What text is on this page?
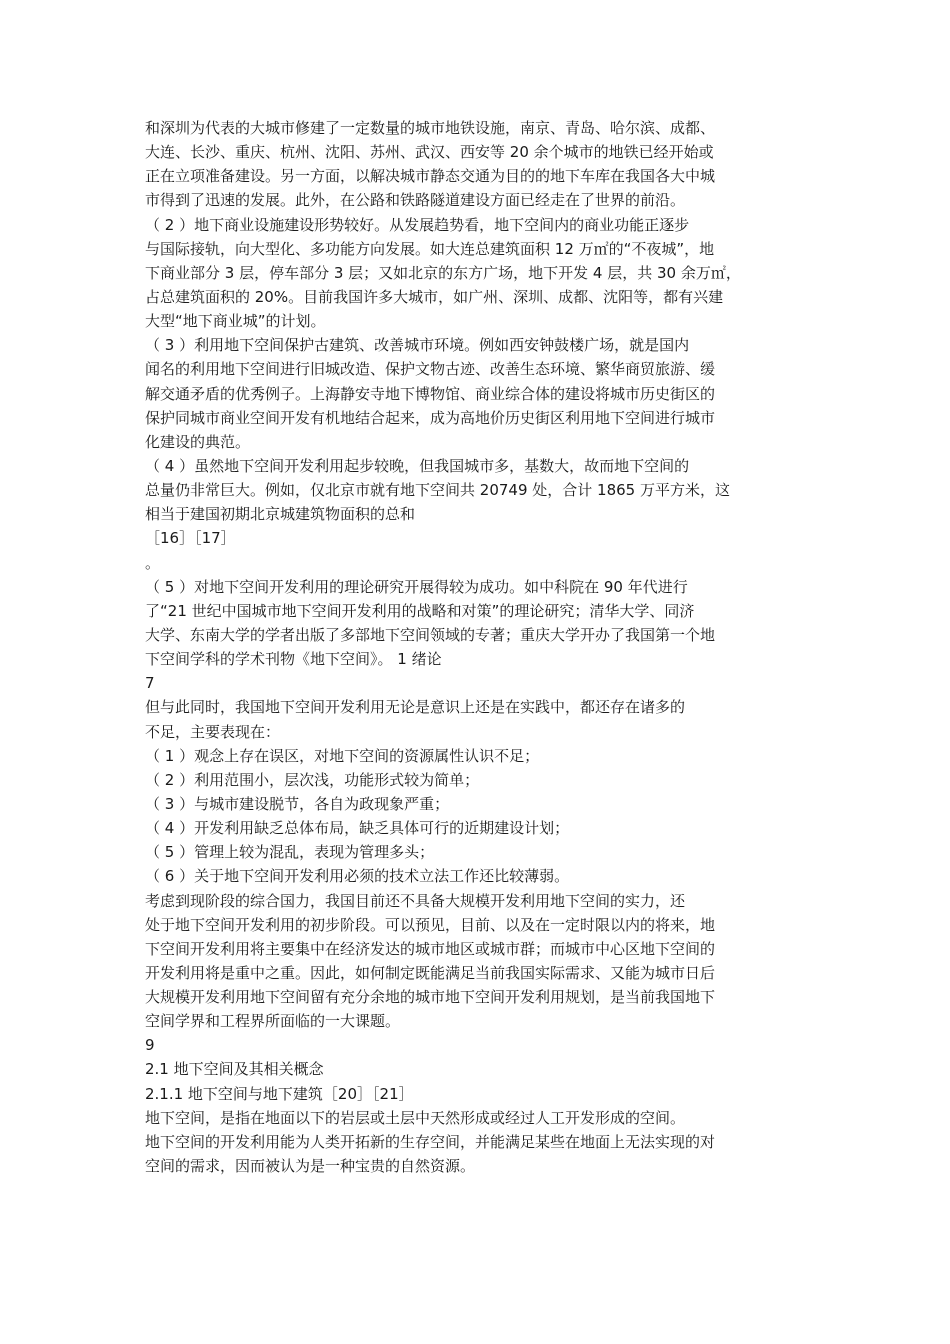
和深圳为代表的大城市修建了一定数量的城市地铁设施，南京、青岛、哈尔滨、成都、
大连、长沙、重庆、杭州、沈阳、苏州、武汉、西安等 20 余个城市的地铁已经开始或
正在立项准备建设。另一方面，以解决城市静态交通为目的的地下车库在我国各大中城
市得到了迅速的发展。此外，在公路和铁路隧道建设方面已经走在了世界的前沿。
（ 2 ）地下商业设施建设形势较好。从发展趋势看，地下空间内的商业功能正逐步
与国际接轨，向大型化、多功能方向发展。如大连总建筑面积 12 万㎡的“不夜城”，地
下商业部分 3 层，停车部分 3 层；又如北京的东方广场，地下开发 4 层，共 30 余万㎡，
占总建筑面积的 20%。目前我国许多大城市，如广州、深圳、成都、沈阳等，都有兴建
大型“地下商业城”的计划。
（ 3 ）利用地下空间保护古建筑、改善城市环境。例如西安钟鼓楼广场，就是国内
闻名的利用地下空间进行旧城改造、保护文物古迹、改善生态环境、繁华商贸旅游、缓
解交通矛盾的优秀例子。上海静安寺地下博物馆、商业综合体的建设将城市历史街区的
保护同城市商业空间开发有机地结合起来，成为高地价历史街区利用地下空间进行城市
化建设的典范。
（ 4 ）虽然地下空间开发利用起步较晚，但我国城市多，基数大，故而地下空间的
总量仍非常巨大。例如，仅北京市就有地下空间共 20749 处，合计 1865 万平方米，这
相当于建国初期北京城建筑物面积的总和
［16］［17］
。
（ 5 ）对地下空间开发利用的理论研究开展得较为成功。如中科院在 90 年代进行
了“21 世纪中国城市地下空间开发利用的战略和对策”的理论研究；清华大学、同济
大学、东南大学的学者出版了多部地下空间领域的专著；重庆大学开办了我国第一个地
下空间学科的学术刊物《地下空间》。 1 绪论
7
但与此同时，我国地下空间开发利用无论是意识上还是在实践中，都还存在诸多的
不足，主要表现在：
（ 1 ）观念上存在误区，对地下空间的资源属性认识不足；
（ 2 ）利用范围小，层次浅，功能形式较为简单；
（ 3 ）与城市建设脱节，各自为政现象严重；
（ 4 ）开发利用缺乏总体布局，缺乏具体可行的近期建设计划；
（ 5 ）管理上较为混乱，表现为管理多头；
（ 6 ）关于地下空间开发利用必须的技术立法工作还比较薄弱。
考虑到现阶段的综合国力，我国目前还不具备大规模开发利用地下空间的实力，还
处于地下空间开发利用的初步阶段。可以预见，目前、以及在一定时限以内的将来，地
下空间开发利用将主要集中在经济发达的城市地区或城市群；而城市中心区地下空间的
开发利用将是重中之重。因此，如何制定既能满足当前我国实际需求、又能为城市日后
大规模开发利用地下空间留有充分余地的城市地下空间开发利用规划，是当前我国地下
空间学界和工程界所面临的一大课题。
9
2.1 地下空间及其相关概念
2.1.1 地下空间与地下建筑［20］［21］
地下空间，是指在地面以下的岩层或土层中天然形成或经过人工开发形成的空间。
地下空间的开发利用能为人类开拓新的生存空间，并能满足某些在地面上无法实现的对
空间的需求，因而被认为是一种宝贵的自然资源。
